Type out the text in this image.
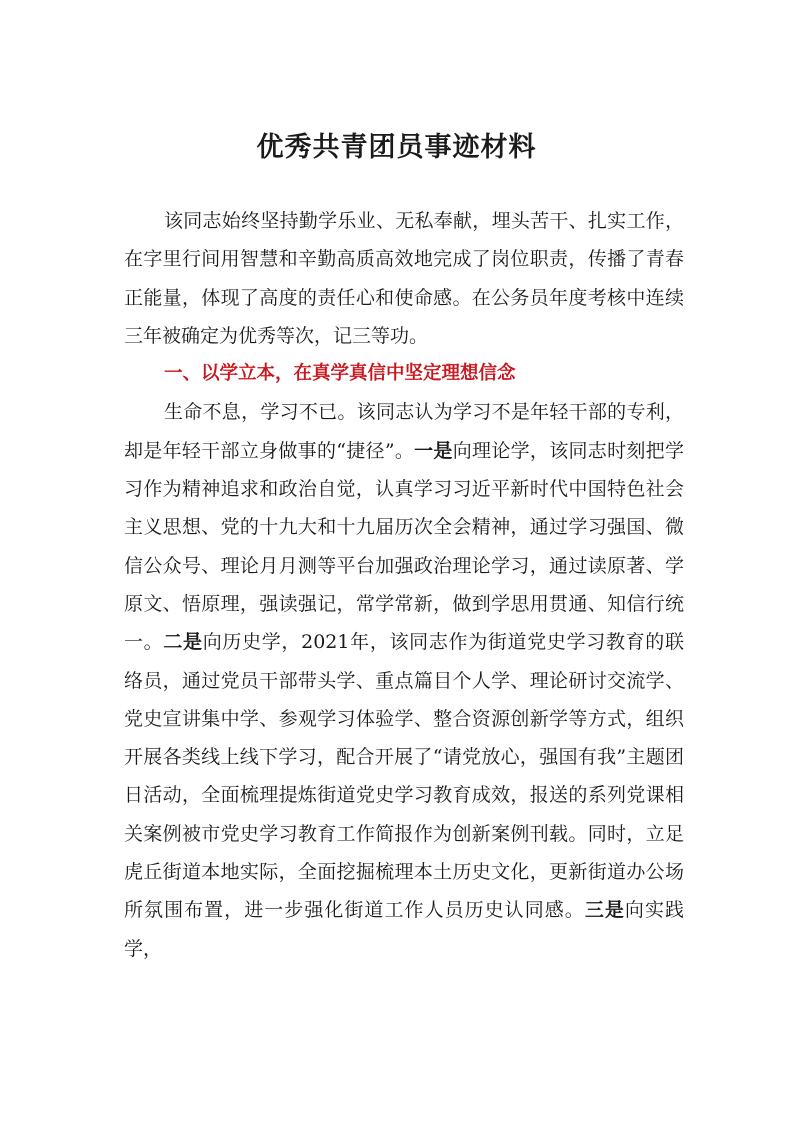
优秀共青团员事迹材料

该同志始终坚持勤学乐业、无私奉献，埋头苦干、扎实工作，在字里行间用智慧和辛勤高质高效地完成了岗位职责，传播了青春正能量，体现了高度的责任心和使命感。在公务员年度考核中连续三年被确定为优秀等次，记三等功。

一、以学立本，在真学真信中坚定理想信念

生命不息，学习不已。该同志认为学习不是年轻干部的专利，却是年轻干部立身做事的“捷径”。一是向理论学，该同志时刻把学习作为精神追求和政治自觉，认真学习习近平新时代中国特色社会主义思想、党的十九大和十九届历次全会精神，通过学习强国、微信公众号、理论月月测等平台加强政治理论学习，通过读原著、学原文、悟原理，强读强记，常学常新，做到学思用贯通、知信行统一。二是向历史学，2021年，该同志作为街道党史学习教育的联络员，通过党员干部带头学、重点篇目个人学、理论研讨交流学、党史宣讲集中学、参观学习体验学、整合资源创新学等方式，组织开展各类线上线下学习，配合开展了“请党放心，强国有我”主题团日活动，全面梳理提炼街道党史学习教育成效，报送的系列党课相关案例被市党史学习教育工作简报作为创新案例刊载。同时，立足虎丘街道本地实际，全面挖掘梳理本土历史文化，更新街道办公场所氛围布置，进一步强化街道工作人员历史认同感。三是向实践学，
